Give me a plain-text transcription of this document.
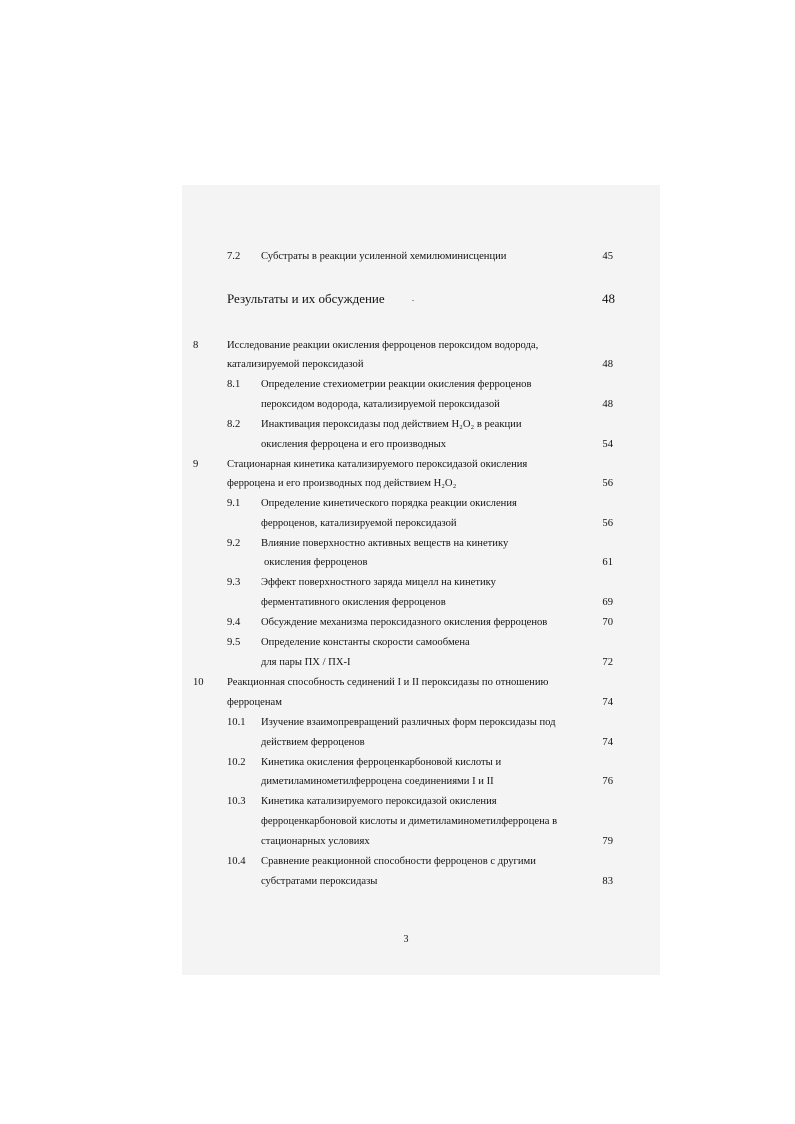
7.2 Субстраты в реакции усиленной хемилюминисценции	45
Результаты и их обсуждение	48
8	Исследование реакции окисления ферроценов пероксидом водорода,
катализируемой пероксидазой	48
8.1 Определение стехиометрии реакции окисления ферроценов
пероксидом водорода, катализируемой пероксидазой	48
8.2 Инактивация пероксидазы под действием H₂O₂ в реакции
окисления ферроцена и его производных	54
9	Стационарная кинетика катализируемого пероксидазой окисления
ферроцена и его производных под действием H₂O₂	56
9.1 Определение кинетического порядка реакции окисления
ферроценов, катализируемой пероксидазой	56
9.2 Влияние поверхностно активных веществ на кинетику
окисления ферроценов	61
9.3 Эффект поверхностного заряда мицелл на кинетику
ферментативного окисления ферроценов	69
9.4 Обсуждение механизма пероксидазного окисления ферроценов	70
9.5 Определение константы скорости самообмена
для пары ПХ / ПХ-I	72
10 Реакционная способность сединений I и II пероксидазы по отношению
ферроценам	74
10.1 Изучение взаимопревращений различных форм пероксидазы под
действием ферроценов	74
10.2 Кинетика окисления ферроценкарбоновой кислоты и
диметиламинометилферроцена соединениями I и II	76
10.3 Кинетика катализируемого пероксидазой окисления
ферроценкарбоновой кислоты и диметиламинометилферроцена в
стационарных условиях	79
10.4 Сравнение реакционной способности ферроценов с другими
субстратами пероксидазы	83
3
